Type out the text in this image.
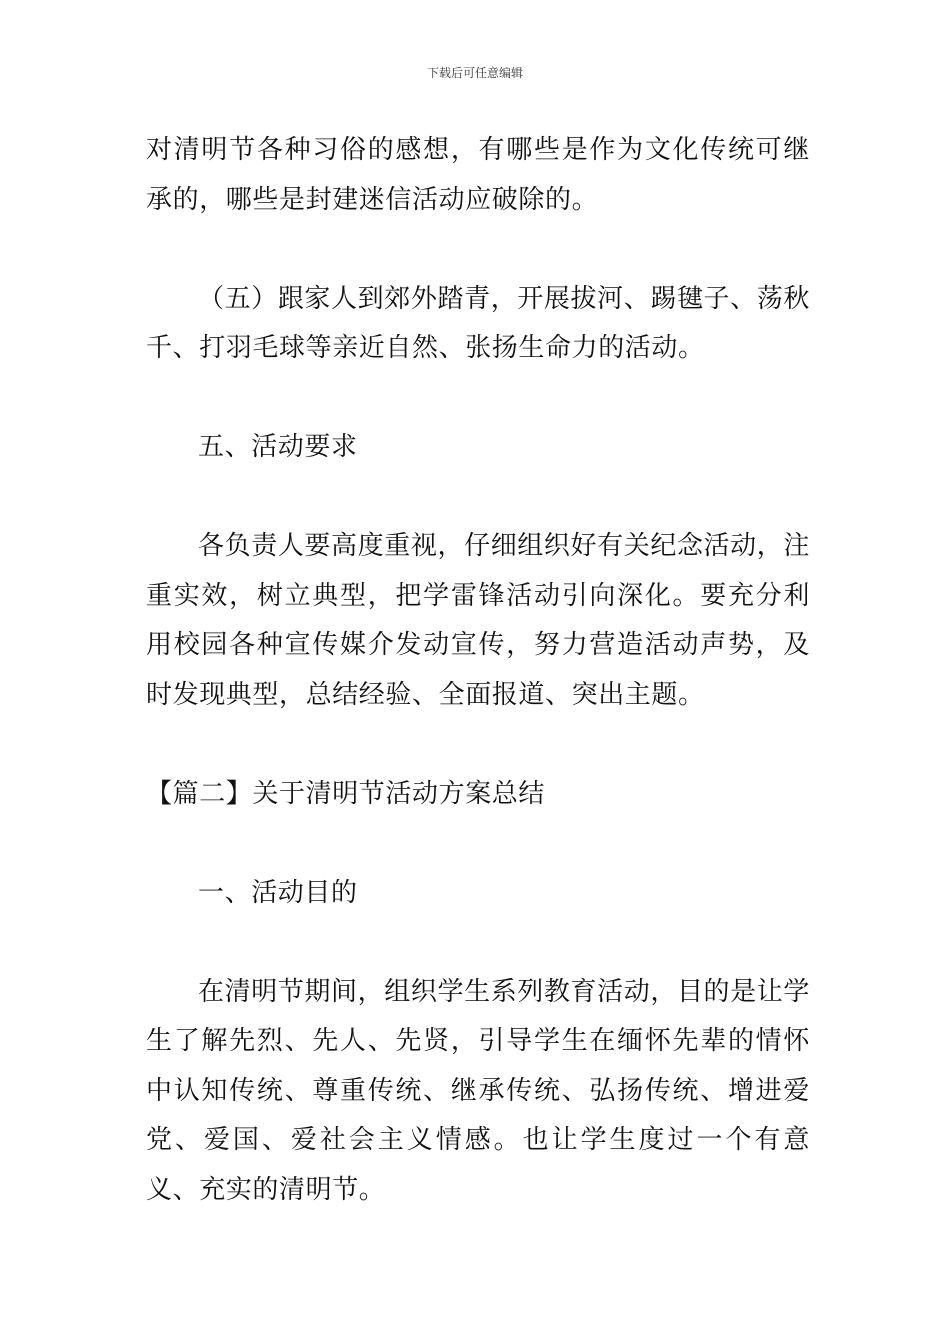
下载后可任意编辑

对清明节各种习俗的感想，有哪些是作为文化传统可继承的，哪些是封建迷信活动应破除的。

（五）跟家人到郊外踏青，开展拔河、踢毽子、荡秋千、打羽毛球等亲近自然、张扬生命力的活动。

五、活动要求

各负责人要高度重视，仔细组织好有关纪念活动，注重实效，树立典型，把学雷锋活动引向深化。要充分利用校园各种宣传媒介发动宣传，努力营造活动声势，及时发现典型，总结经验、全面报道、突出主题。

【篇二】关于清明节活动方案总结

一、活动目的

在清明节期间，组织学生系列教育活动，目的是让学生了解先烈、先人、先贤，引导学生在缅怀先辈的情怀中认知传统、尊重传统、继承传统、弘扬传统、增进爱党、爱国、爱社会主义情感。也让学生度过一个有意义、充实的清明节。
